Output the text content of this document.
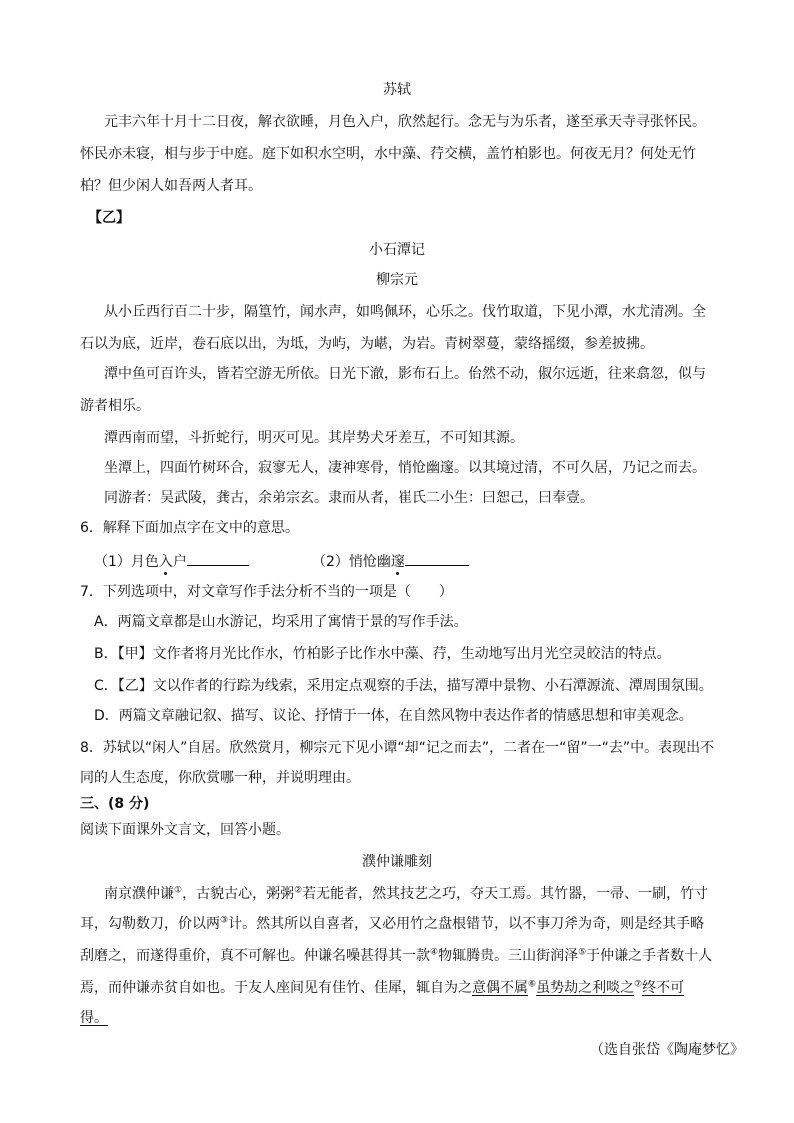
苏轼
元丰六年十月十二日夜，解衣欲睡，月色入户，欣然起行。念无与为乐者，遂至承天寺寻张怀民。
怀民亦未寝，相与步于中庭。庭下如积水空明，水中藻、荇交横，盖竹柏影也。何夜无月？何处无竹
柏？但少闲人如吾两人者耳。
【乙】
小石潭记
柳宗元
从小丘西行百二十步，隔篁竹，闻水声，如鸣佩环，心乐之。伐竹取道，下见小潭，水尤清冽。全
石以为底，近岸，卷石底以出，为坻，为屿，为嵁，为岩。青树翠蔓，蒙络摇缀，参差披拂。
潭中鱼可百许头，皆若空游无所依。日光下澈，影布石上。佁然不动，俶尔远逝，往来翕忽，似与
游者相乐。
潭西南而望，斗折蛇行，明灭可见。其岸势犬牙差互，不可知其源。
坐潭上，四面竹树环合，寂寥无人，凄神寒骨，悄怆幽邃。以其境过清，不可久居，乃记之而去。
同游者：吴武陵，龚古，余弟宗玄。隶而从者，崔氏二小生：曰恕己，曰奉壹。
6．解释下面加点字在文中的意思。
（1）月色入户	（2）悄怆幽邃
7．下列选项中，对文章写作手法分析不当的一项是（　　）
A．两篇文章都是山水游记，均采用了寓情于景的写作手法。
B．【甲】文作者将月光比作水，竹柏影子比作水中藻、荇，生动地写出月光空灵皎洁的特点。
C．【乙】文以作者的行踪为线索，采用定点观察的手法，描写潭中景物、小石潭源流、潭周围氛围。
D．两篇文章融记叙、描写、议论、抒情于一体，在自然风物中表达作者的情感思想和审美观念。
8．苏轼以“闲人”自居。欣然赏月，柳宗元下见小谭“却“记之而去”，二者在一“留”一“去”中。表现出不
同的人生态度，你欣赏哪一种，并说明理由。
三、(8 分)
阅读下面课外文言文，回答小题。
濮仲谦雕刻
南京濮仲谦①，古貌古心，粥粥②若无能者，然其技艺之巧，夺天工焉。其竹器，一帚、一刷，竹寸
耳，勾勒数刀，价以两③计。然其所以自喜者，又必用竹之盘根错节，以不事刀斧为奇，则是经其手略
刮磨之，而遂得重价，真不可解也。仲谦名噪甚得其一款④物辄腾贵。三山街润泽⑤于仲谦之手者数十人
焉，而仲谦赤贫自如也。于友人座间见有佳竹、佳犀，辄自为之意偶不属⑥虽势劫之利啖之⑦终不可
得。
（选自张岱《陶庵梦忆》
